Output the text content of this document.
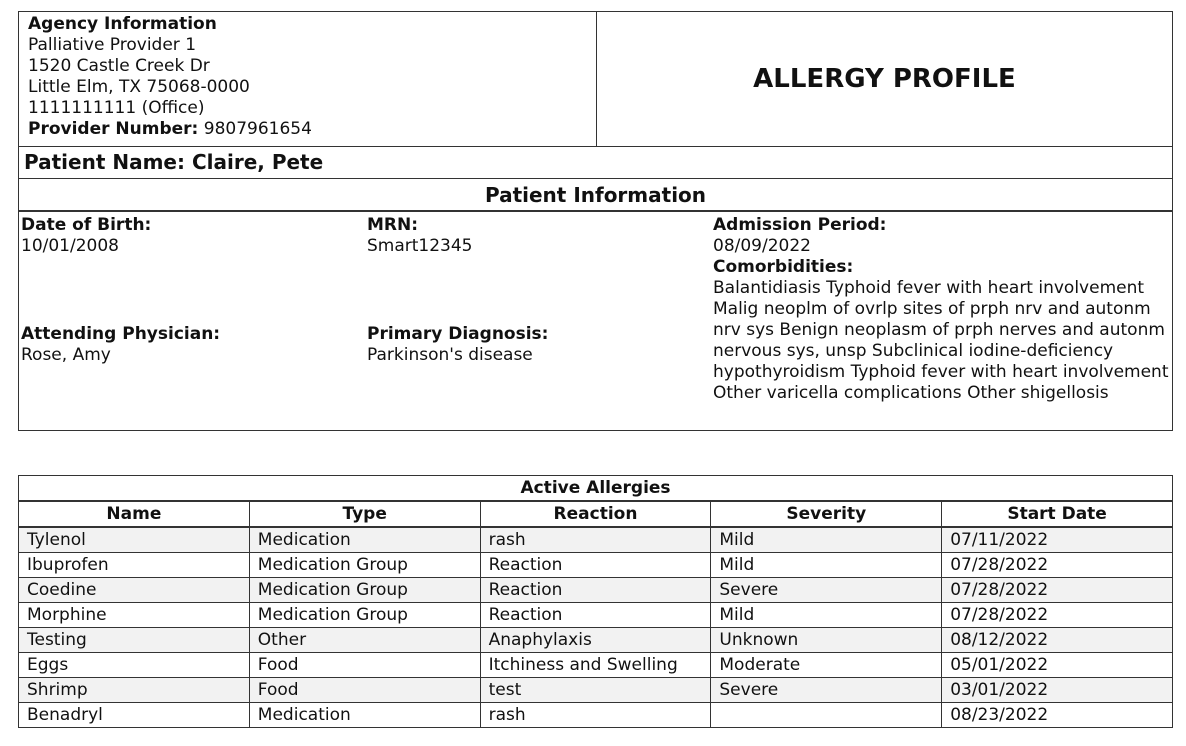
Agency Information
Palliative Provider 1
1520 Castle Creek Dr
Little Elm, TX 75068-0000
1111111111 (Office)
Provider Number: 9807961654
ALLERGY PROFILE
Patient Name: Claire, Pete
Patient Information
Date of Birth:
10/01/2008
MRN:
Smart12345
Attending Physician:
Rose, Amy
Primary Diagnosis:
Parkinson's disease
Admission Period:
08/09/2022
Comorbidities:
Balantidiasis Typhoid fever with heart involvement Malig neoplm of ovrlp sites of prph nrv and autonm nrv sys Benign neoplasm of prph nerves and autonm nervous sys, unsp Subclinical iodine-deficiency hypothyroidism Typhoid fever with heart involvement Other varicella complications Other shigellosis
Active Allergies				
Name	Type	Reaction	Severity	Start Date
Tylenol	Medication	rash	Mild	07/11/2022
Ibuprofen	Medication Group	Reaction	Mild	07/28/2022
Coedine	Medication Group	Reaction	Severe	07/28/2022
Morphine	Medication Group	Reaction	Mild	07/28/2022
Testing	Other	Anaphylaxis	Unknown	08/12/2022
Eggs	Food	Itchiness and Swelling	Moderate	05/01/2022
Shrimp	Food	test	Severe	03/01/2022
Benadryl	Medication	rash		08/23/2022
